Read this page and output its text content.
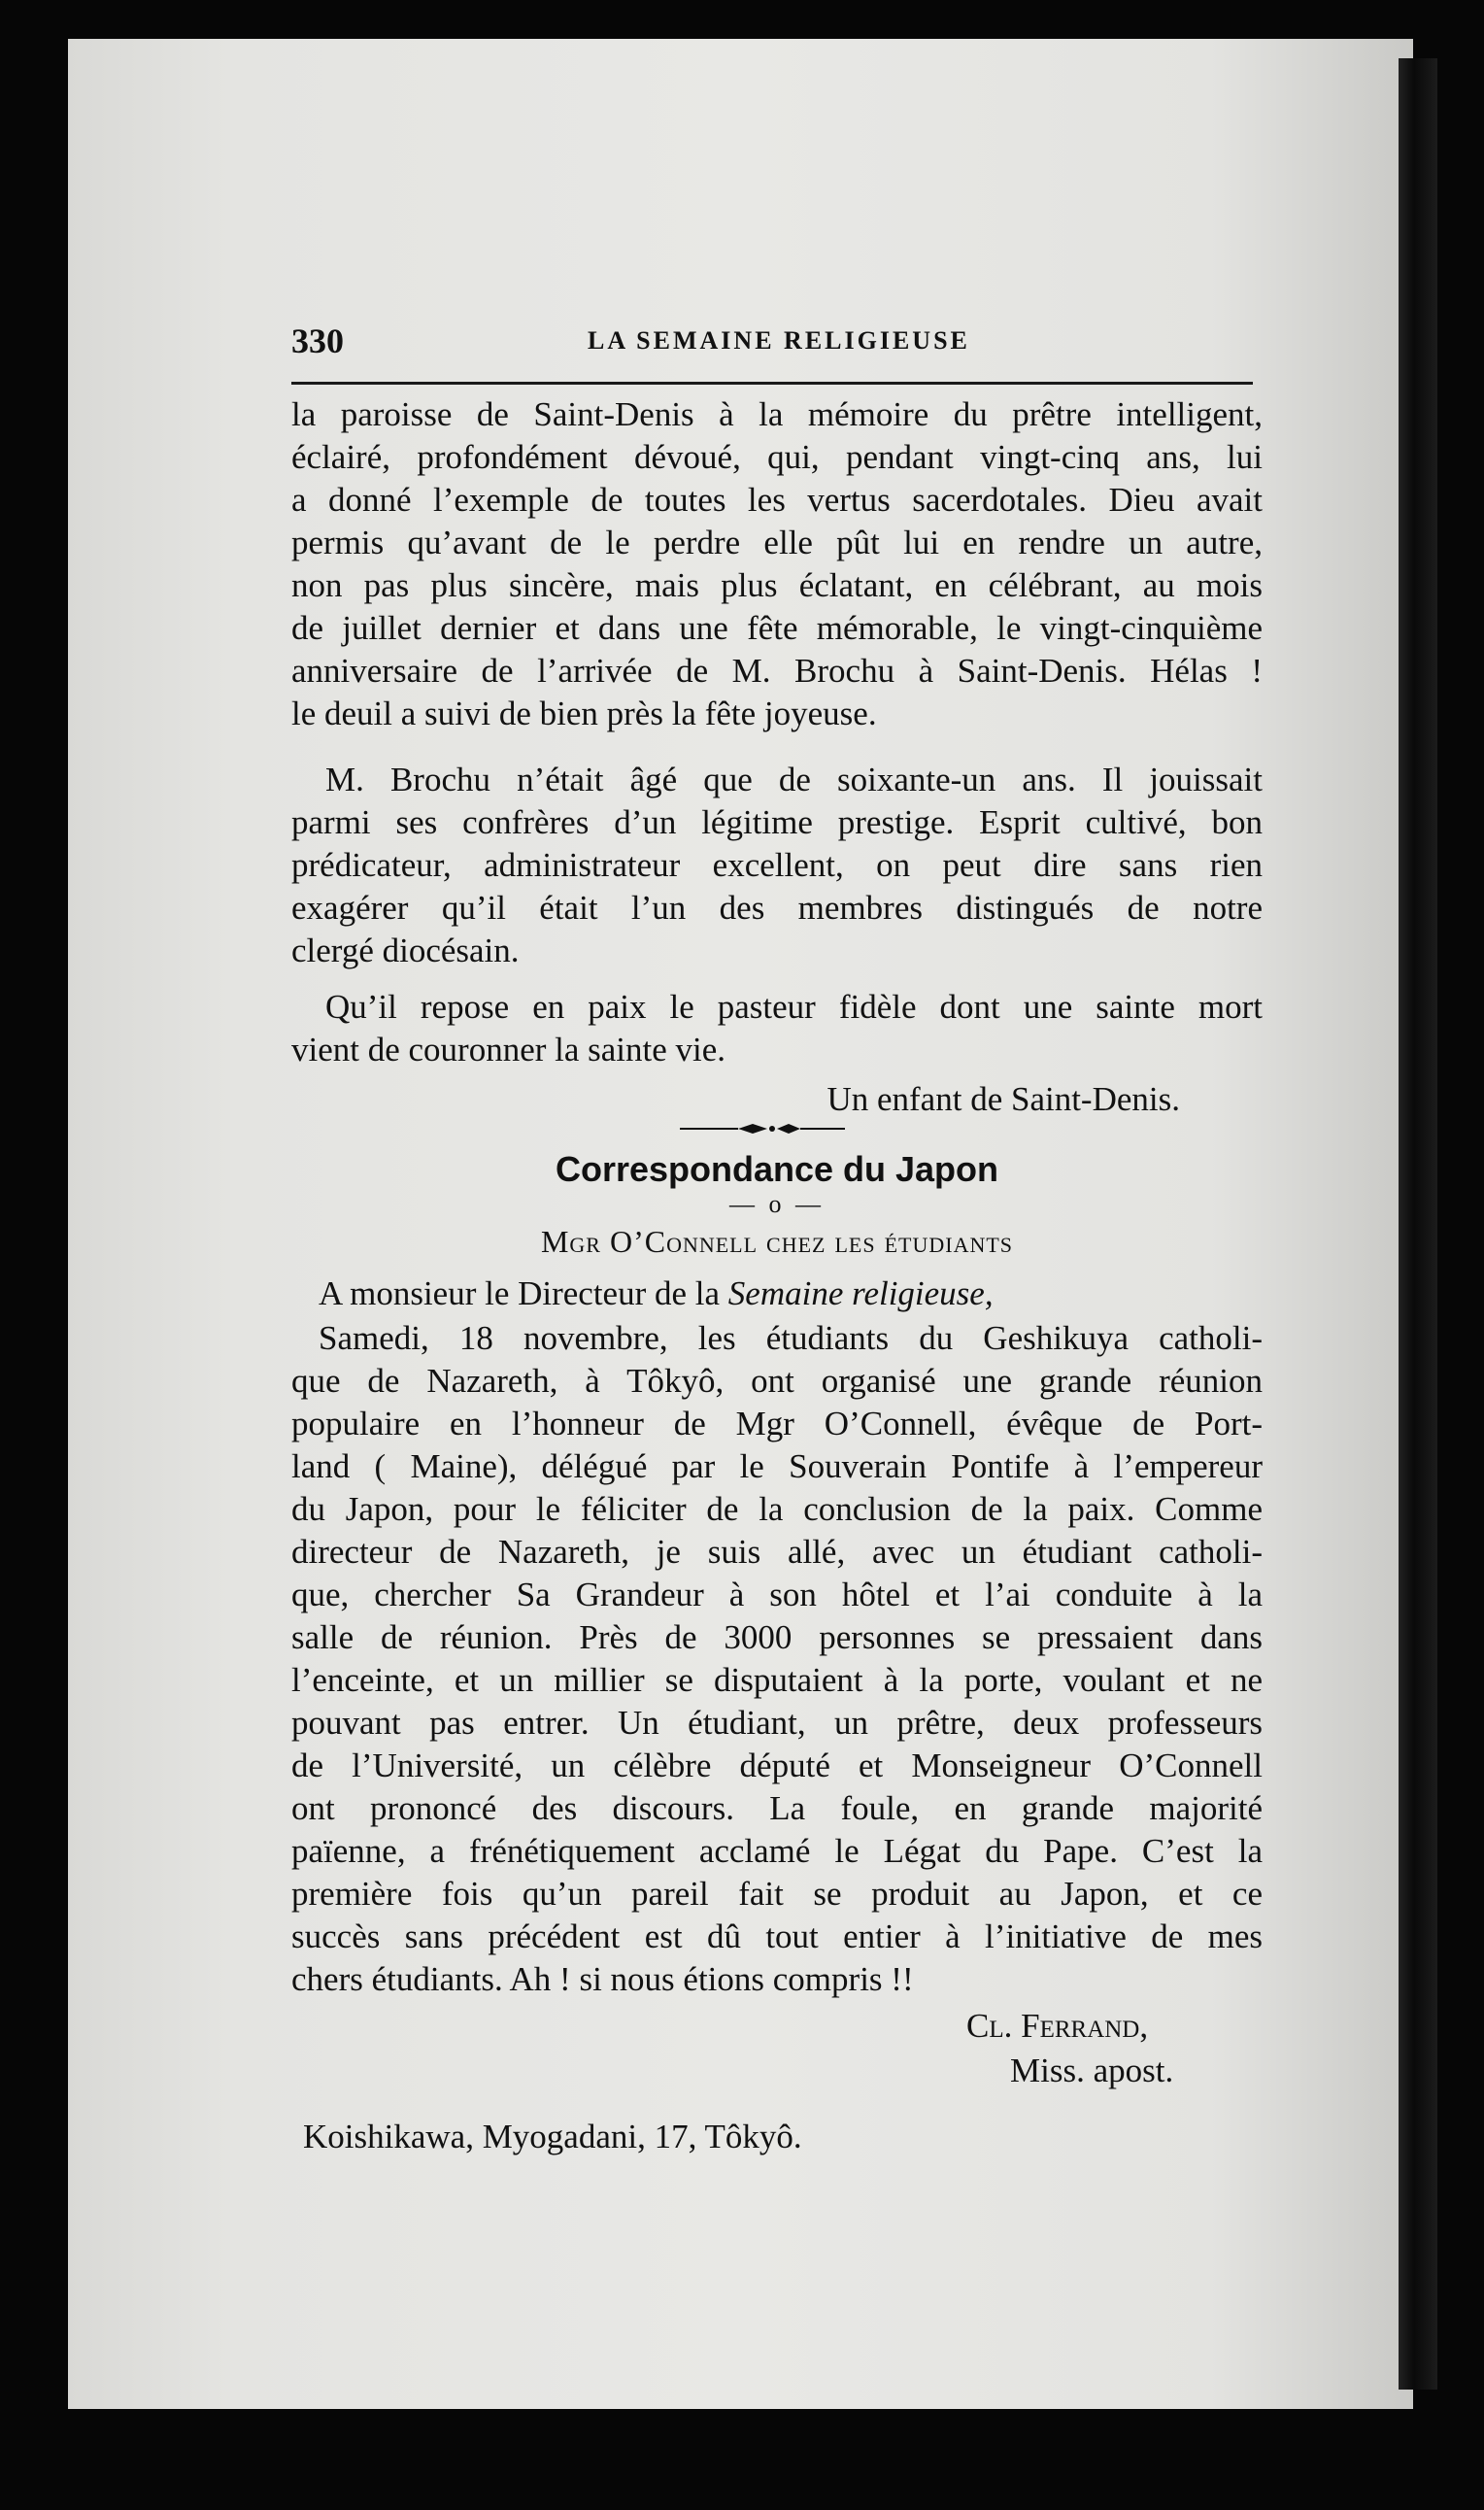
330	LA SEMAINE RELIGIEUSE
la paroisse de Saint-Denis à la mémoire du prêtre intelligent,
éclairé, profondément dévoué, qui, pendant vingt-cinq ans, lui
a donné l’exemple de toutes les vertus sacerdotales. Dieu avait
permis qu’avant de le perdre elle pût lui en rendre un autre,
non pas plus sincère, mais plus éclatant, en célébrant, au mois
de juillet dernier et dans une fête mémorable, le vingt-cinquième
anniversaire de l’arrivée de M. Brochu à Saint-Denis. Hélas !
le deuil a suivi de bien près la fête joyeuse.
M. Brochu n’était âgé que de soixante-un ans. Il jouissait
parmi ses confrères d’un légitime prestige. Esprit cultivé, bon
prédicateur, administrateur excellent, on peut dire sans rien
exagérer qu’il était l’un des membres distingués de notre
clergé diocésain.
Qu’il repose en paix le pasteur fidèle dont une sainte mort
vient de couronner la sainte vie.
Un enfant de Saint-Denis.
Correspondance du Japon
— o —
Mgr O’Connell chez les étudiants
A monsieur le Directeur de la Semaine religieuse,
Samedi, 18 novembre, les étudiants du Geshikuya catholi-
que de Nazareth, à Tôkyô, ont organisé une grande réunion
populaire en l’honneur de Mgr O’Connell, évêque de Port-
land ( Maine), délégué par le Souverain Pontife à l’empereur
du Japon, pour le féliciter de la conclusion de la paix. Comme
directeur de Nazareth, je suis allé, avec un étudiant catholi-
que, chercher Sa Grandeur à son hôtel et l’ai conduite à la
salle de réunion. Près de 3000 personnes se pressaient dans
l’enceinte, et un millier se disputaient à la porte, voulant et ne
pouvant pas entrer. Un étudiant, un prêtre, deux professeurs
de l’Université, un célèbre député et Monseigneur O’Connell
ont prononcé des discours. La foule, en grande majorité
païenne, a frénétiquement acclamé le Légat du Pape. C’est la
première fois qu’un pareil fait se produit au Japon, et ce
succès sans précédent est dû tout entier à l’initiative de mes
chers étudiants. Ah ! si nous étions compris !!
Cl. Ferrand,
Miss. apost.
Koishikawa, Myogadani, 17, Tôkyô.
